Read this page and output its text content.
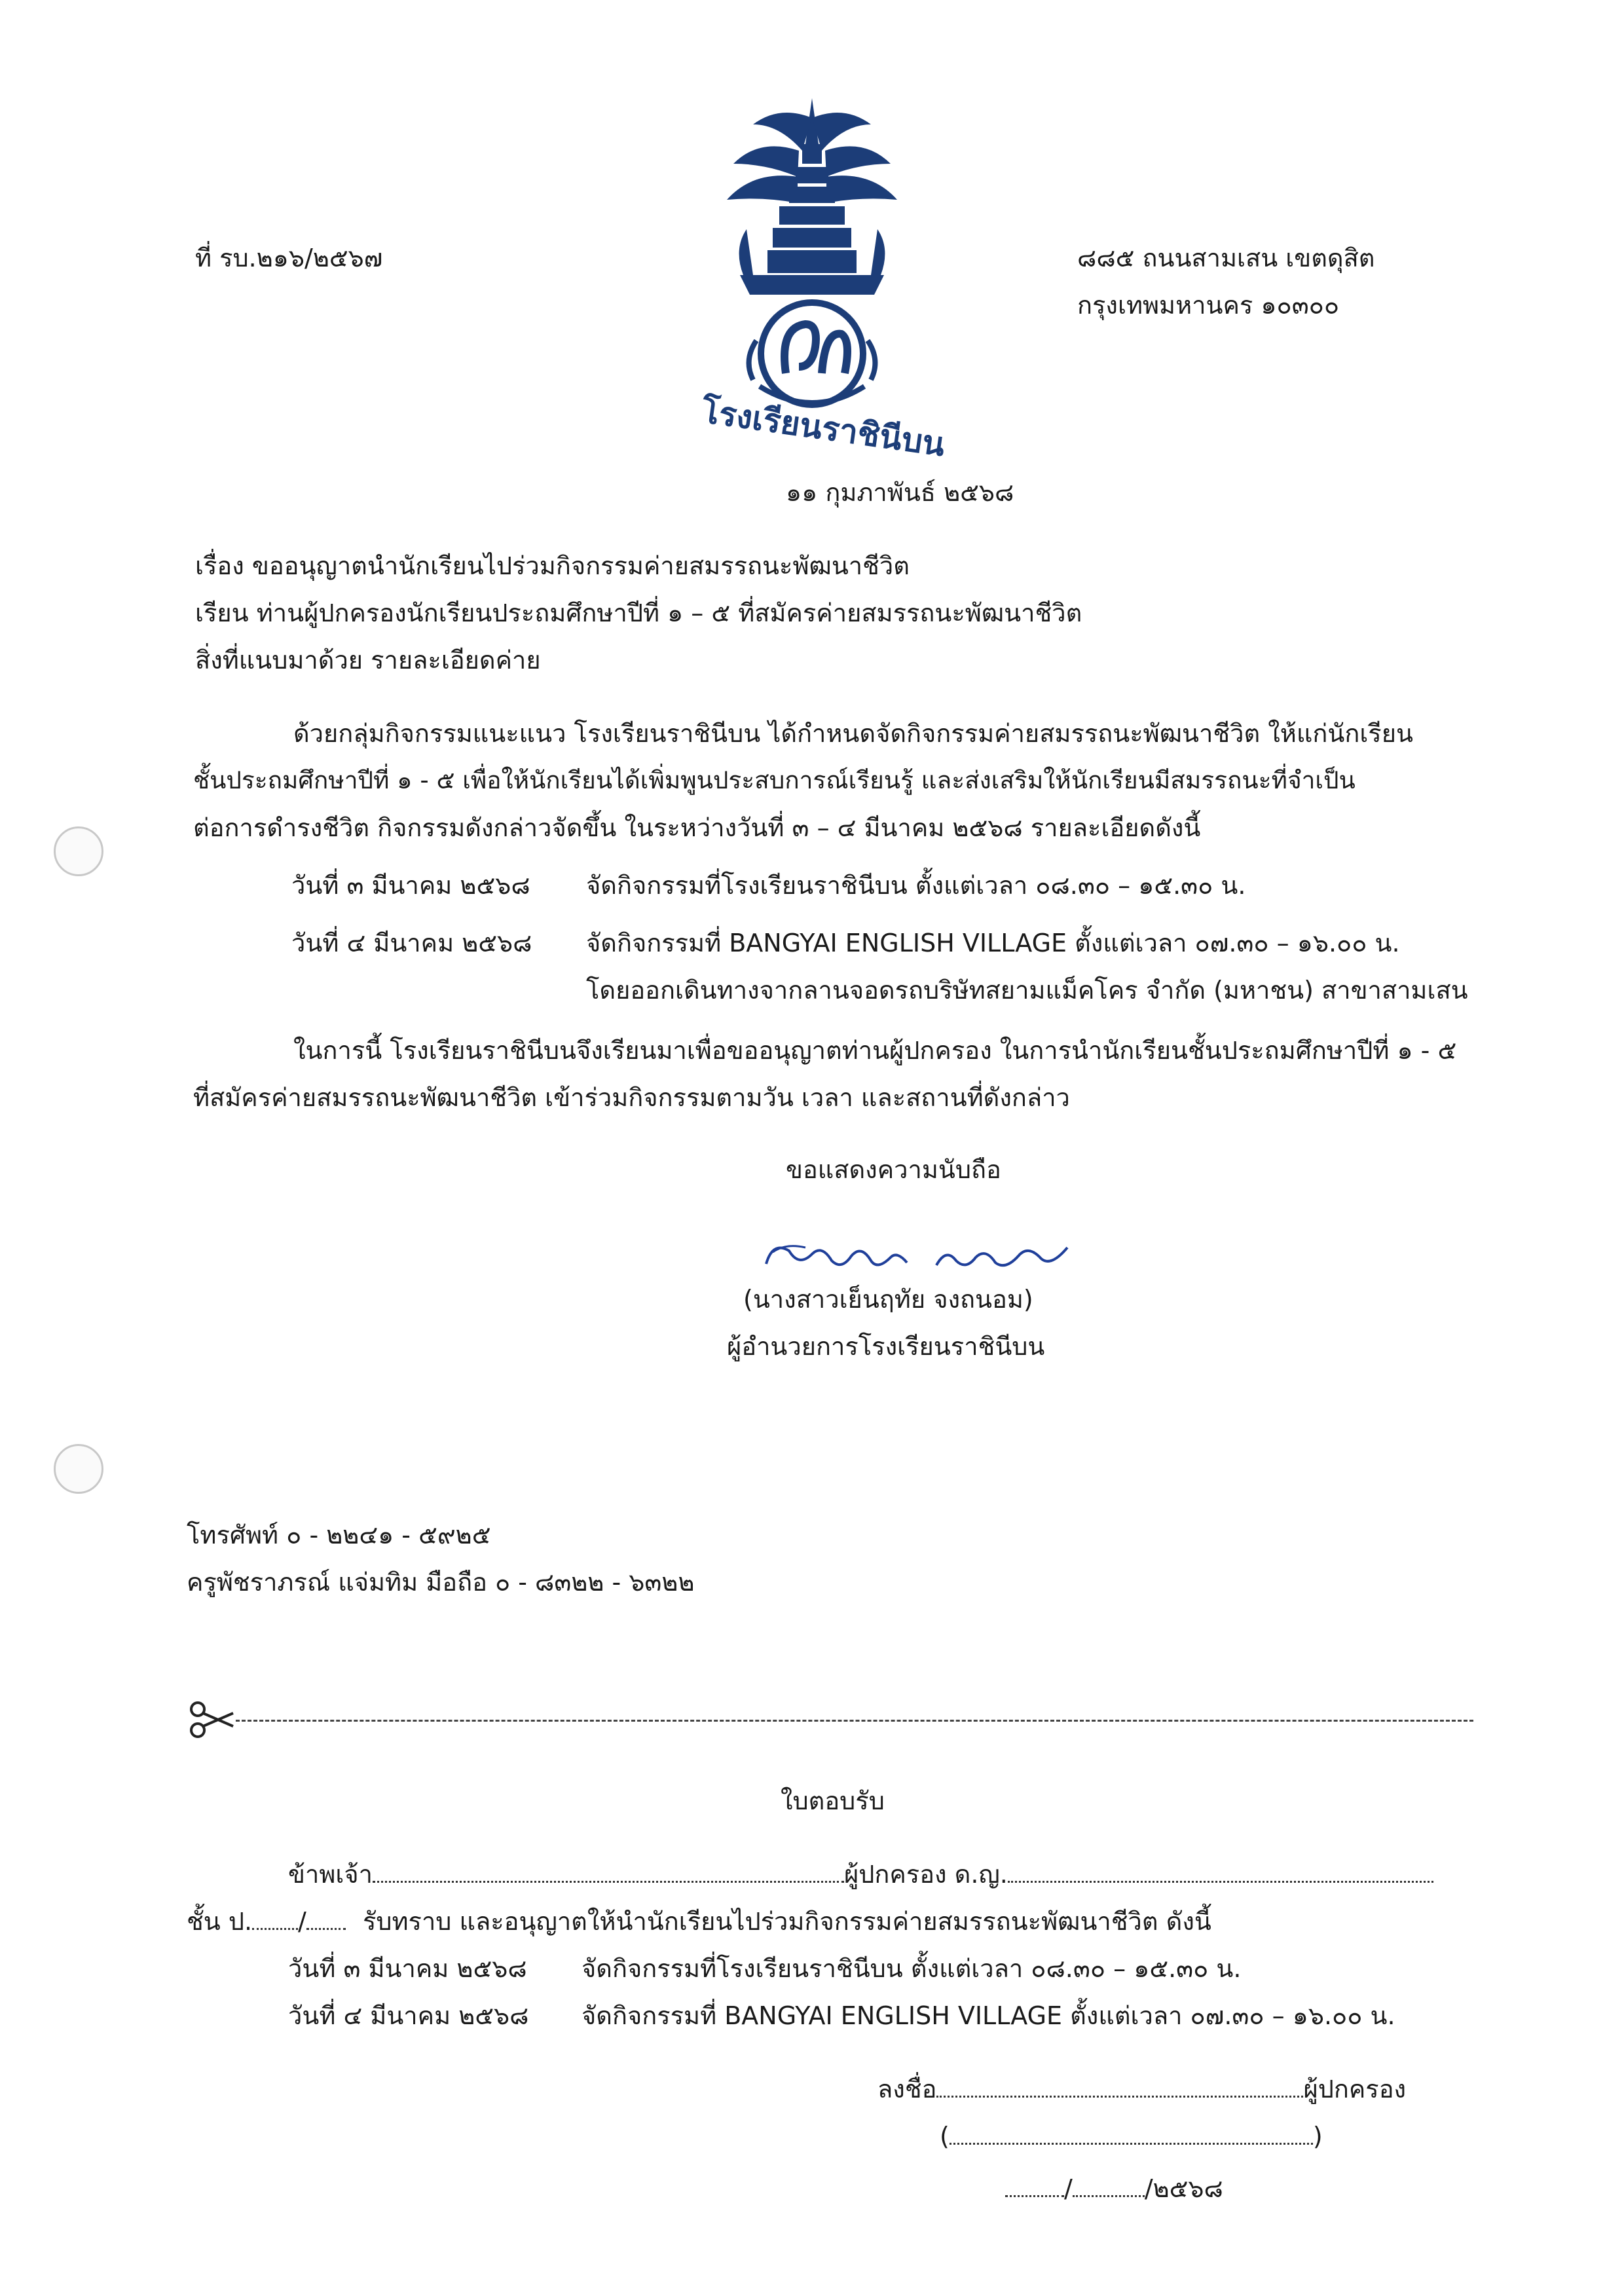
ที่ รบ.๒๑๖/๒๕๖๗	๘๘๕ ถนนสามเสน เขตดุสิต
กรุงเทพมหานคร ๑๐๓๐๐
โรงเรียนราชินีบน
๑๑ กุมภาพันธ์ ๒๕๖๘
เรื่อง ขออนุญาตนำนักเรียนไปร่วมกิจกรรมค่ายสมรรถนะพัฒนาชีวิต
เรียน ท่านผู้ปกครองนักเรียนประถมศึกษาปีที่ ๑ – ๕ ที่สมัครค่ายสมรรถนะพัฒนาชีวิต
สิ่งที่แนบมาด้วย รายละเอียดค่าย
ด้วยกลุ่มกิจกรรมแนะแนว โรงเรียนราชินีบน ได้กำหนดจัดกิจกรรมค่ายสมรรถนะพัฒนาชีวิต ให้แก่นักเรียน
ชั้นประถมศึกษาปีที่ ๑ - ๕ เพื่อให้นักเรียนได้เพิ่มพูนประสบการณ์เรียนรู้ และส่งเสริมให้นักเรียนมีสมรรถนะที่จำเป็น
ต่อการดำรงชีวิต กิจกรรมดังกล่าวจัดขึ้น ในระหว่างวันที่ ๓ – ๔ มีนาคม ๒๕๖๘ รายละเอียดดังนี้
วันที่ ๓ มีนาคม ๒๕๖๘ จัดกิจกรรมที่โรงเรียนราชินีบน ตั้งแต่เวลา ๐๘.๓๐ – ๑๕.๓๐ น.
วันที่ ๔ มีนาคม ๒๕๖๘ จัดกิจกรรมที่ BANGYAI ENGLISH VILLAGE ตั้งแต่เวลา ๐๗.๓๐ – ๑๖.๐๐ น.
โดยออกเดินทางจากลานจอดรถบริษัทสยามแม็คโคร จำกัด (มหาชน) สาขาสามเสน
ในการนี้ โรงเรียนราชินีบนจึงเรียนมาเพื่อขออนุญาตท่านผู้ปกครอง ในการนำนักเรียนชั้นประถมศึกษาปีที่ ๑ - ๕
ที่สมัครค่ายสมรรถนะพัฒนาชีวิต เข้าร่วมกิจกรรมตามวัน เวลา และสถานที่ดังกล่าว
ขอแสดงความนับถือ
(นางสาวเย็นฤทัย จงถนอม)
ผู้อำนวยการโรงเรียนราชินีบน
โทรศัพท์ ๐ - ๒๒๔๑ - ๕๙๒๕
ครูพัชราภรณ์ แจ่มทิม มือถือ ๐ - ๘๓๒๒ - ๖๓๒๒
ใบตอบรับ
ข้าพเจ้า	ผู้ปกครอง ด.ญ.
ชั้น ป. / รับทราบ และอนุญาตให้นำนักเรียนไปร่วมกิจกรรมค่ายสมรรถนะพัฒนาชีวิต ดังนี้
วันที่ ๓ มีนาคม ๒๕๖๘ จัดกิจกรรมที่โรงเรียนราชินีบน ตั้งแต่เวลา ๐๘.๓๐ – ๑๕.๓๐ น.
วันที่ ๔ มีนาคม ๒๕๖๘ จัดกิจกรรมที่ BANGYAI ENGLISH VILLAGE ตั้งแต่เวลา ๐๗.๓๐ – ๑๖.๐๐ น.
ลงชื่อ	ผู้ปกครอง
(	)
/	/๒๕๖๘
